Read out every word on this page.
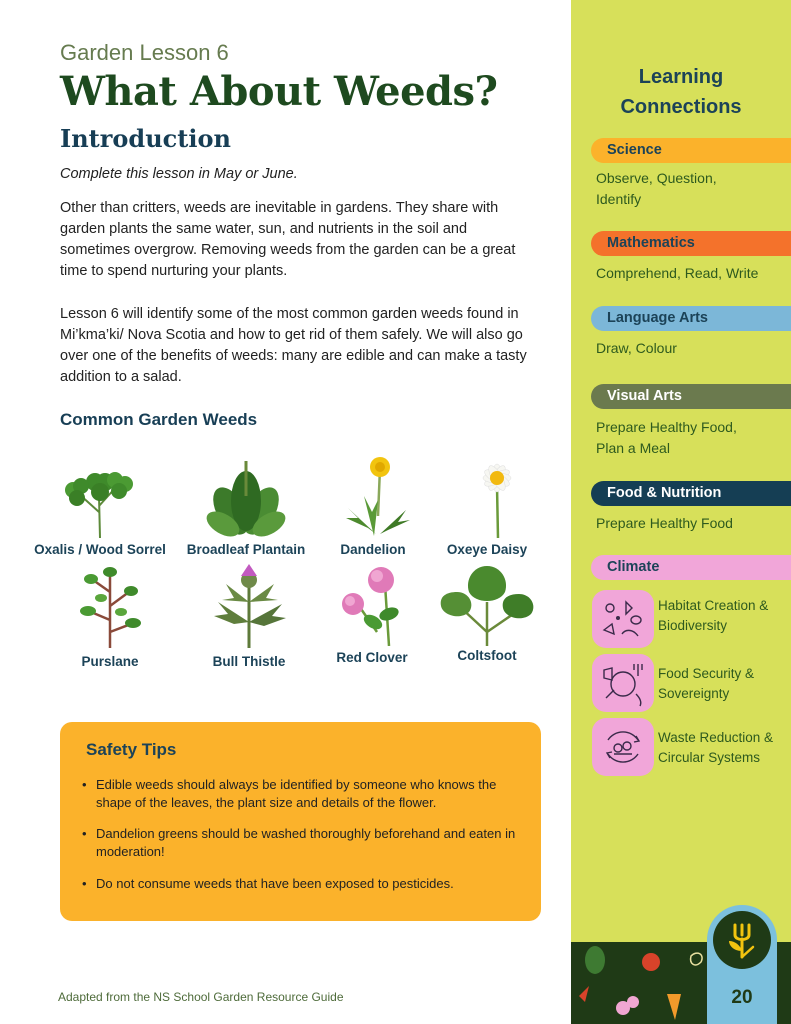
Garden Lesson 6
What About Weeds?
Introduction
Complete this lesson in May or June.
Other than critters, weeds are inevitable in gardens. They share with garden plants the same water, sun, and nutrients in the soil and sometimes overgrow. Removing weeds from the garden can be a great time to spend nurturing your plants.
Lesson 6 will identify some of the most common garden weeds found in Mi’kma’ki/ Nova Scotia and how to get rid of them safely. We will also go over one of the benefits of weeds: many are edible and can make a tasty addition to a salad.
Common Garden Weeds
Oxalis / Wood Sorrel	Broadleaf Plantain	Dandelion	Oxeye Daisy
Purslane	Bull Thistle	Red Clover	Coltsfoot
Safety Tips
• Edible weeds should always be identified by someone who knows the shape of the leaves, the plant size and details of the flower.
• Dandelion greens should be washed thoroughly beforehand and eaten in moderation!
• Do not consume weeds that have been exposed to pesticides.
Adapted from the NS School Garden Resource Guide
Learning
Connections
Science
Observe, Question, Identify
Mathematics
Comprehend, Read, Write
Language Arts
Draw, Colour
Visual Arts
Prepare Healthy Food, Plan a Meal
Food & Nutrition
Prepare Healthy Food
Climate
Habitat Creation & Biodiversity
Food Security & Sovereignty
Waste Reduction & Circular Systems
20
